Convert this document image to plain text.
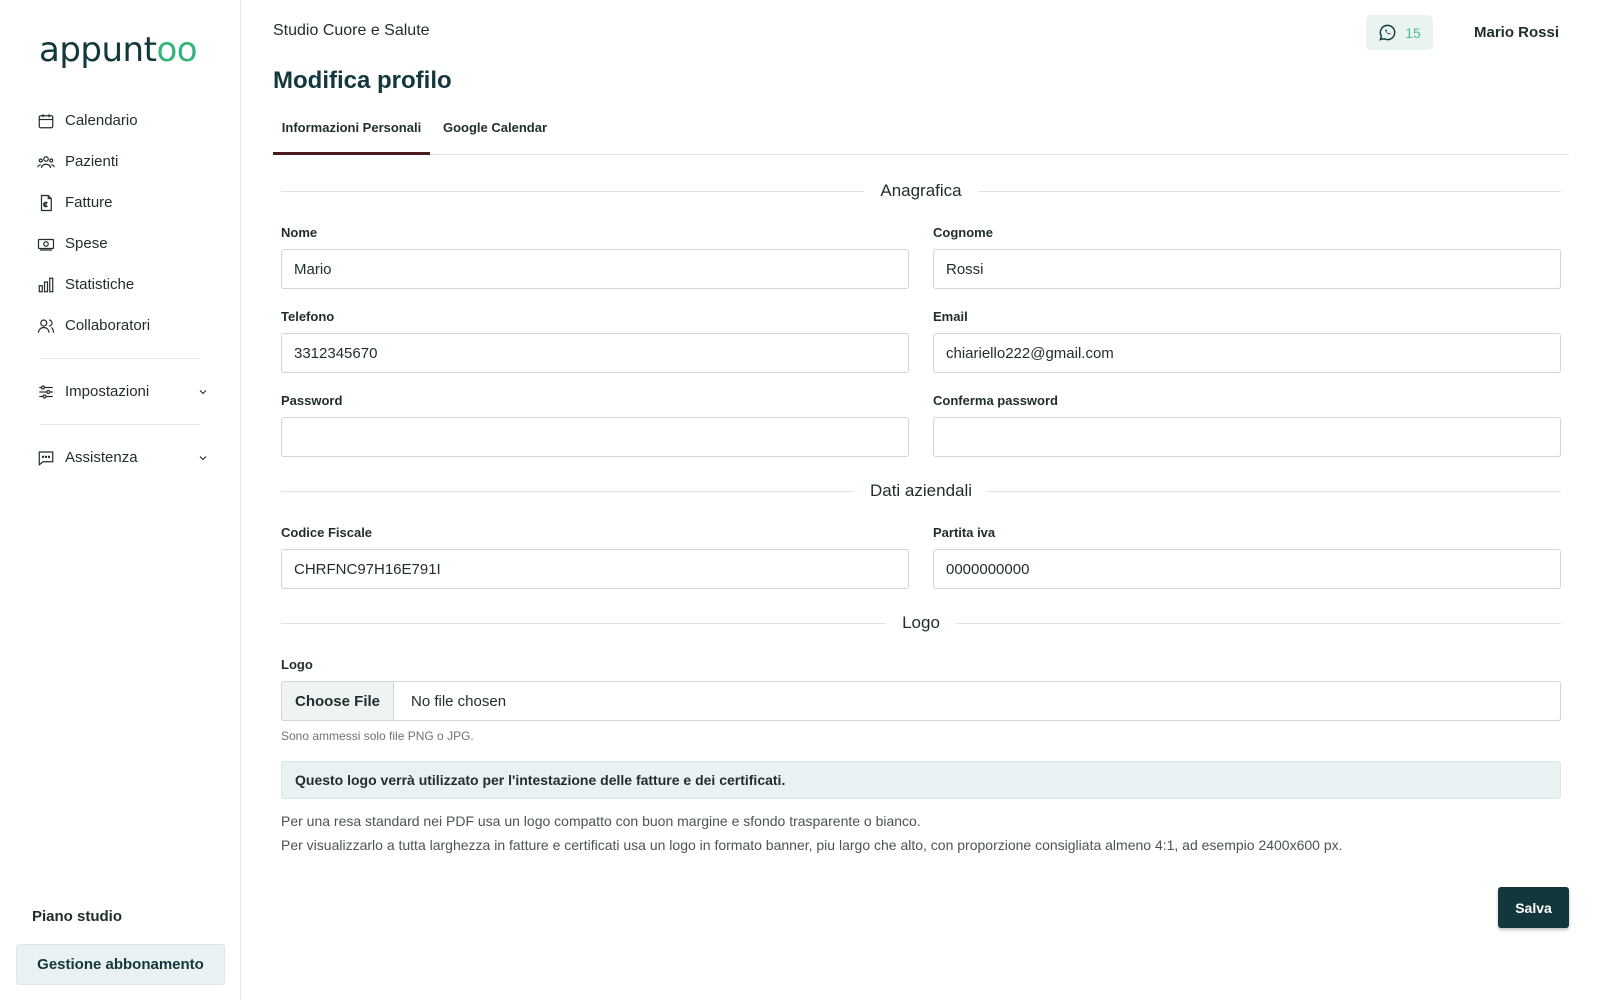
appuntoo
Calendario
Pazienti
Fatture
Spese
Statistiche
Collaboratori
Impostazioni
Assistenza
Piano studio
Gestione abbonamento
Studio Cuore e Salute	15	Mario Rossi
Modifica profilo
Informazioni Personali	Google Calendar
Anagrafica
Nome
Mario
Cognome
Rossi
Telefono
3312345670
Email
chiariello222@gmail.com
Password	Conferma password
Dati aziendali
Codice Fiscale
CHRFNC97H16E791I
Partita iva
0000000000
Logo
Logo
Choose File	No file chosen
Sono ammessi solo file PNG o JPG.
Questo logo verrà utilizzato per l'intestazione delle fatture e dei certificati.
Per una resa standard nei PDF usa un logo compatto con buon margine e sfondo trasparente o bianco.
Per visualizzarlo a tutta larghezza in fatture e certificati usa un logo in formato banner, piu largo che alto, con proporzione consigliata almeno 4:1, ad esempio 2400x600 px.
Salva
